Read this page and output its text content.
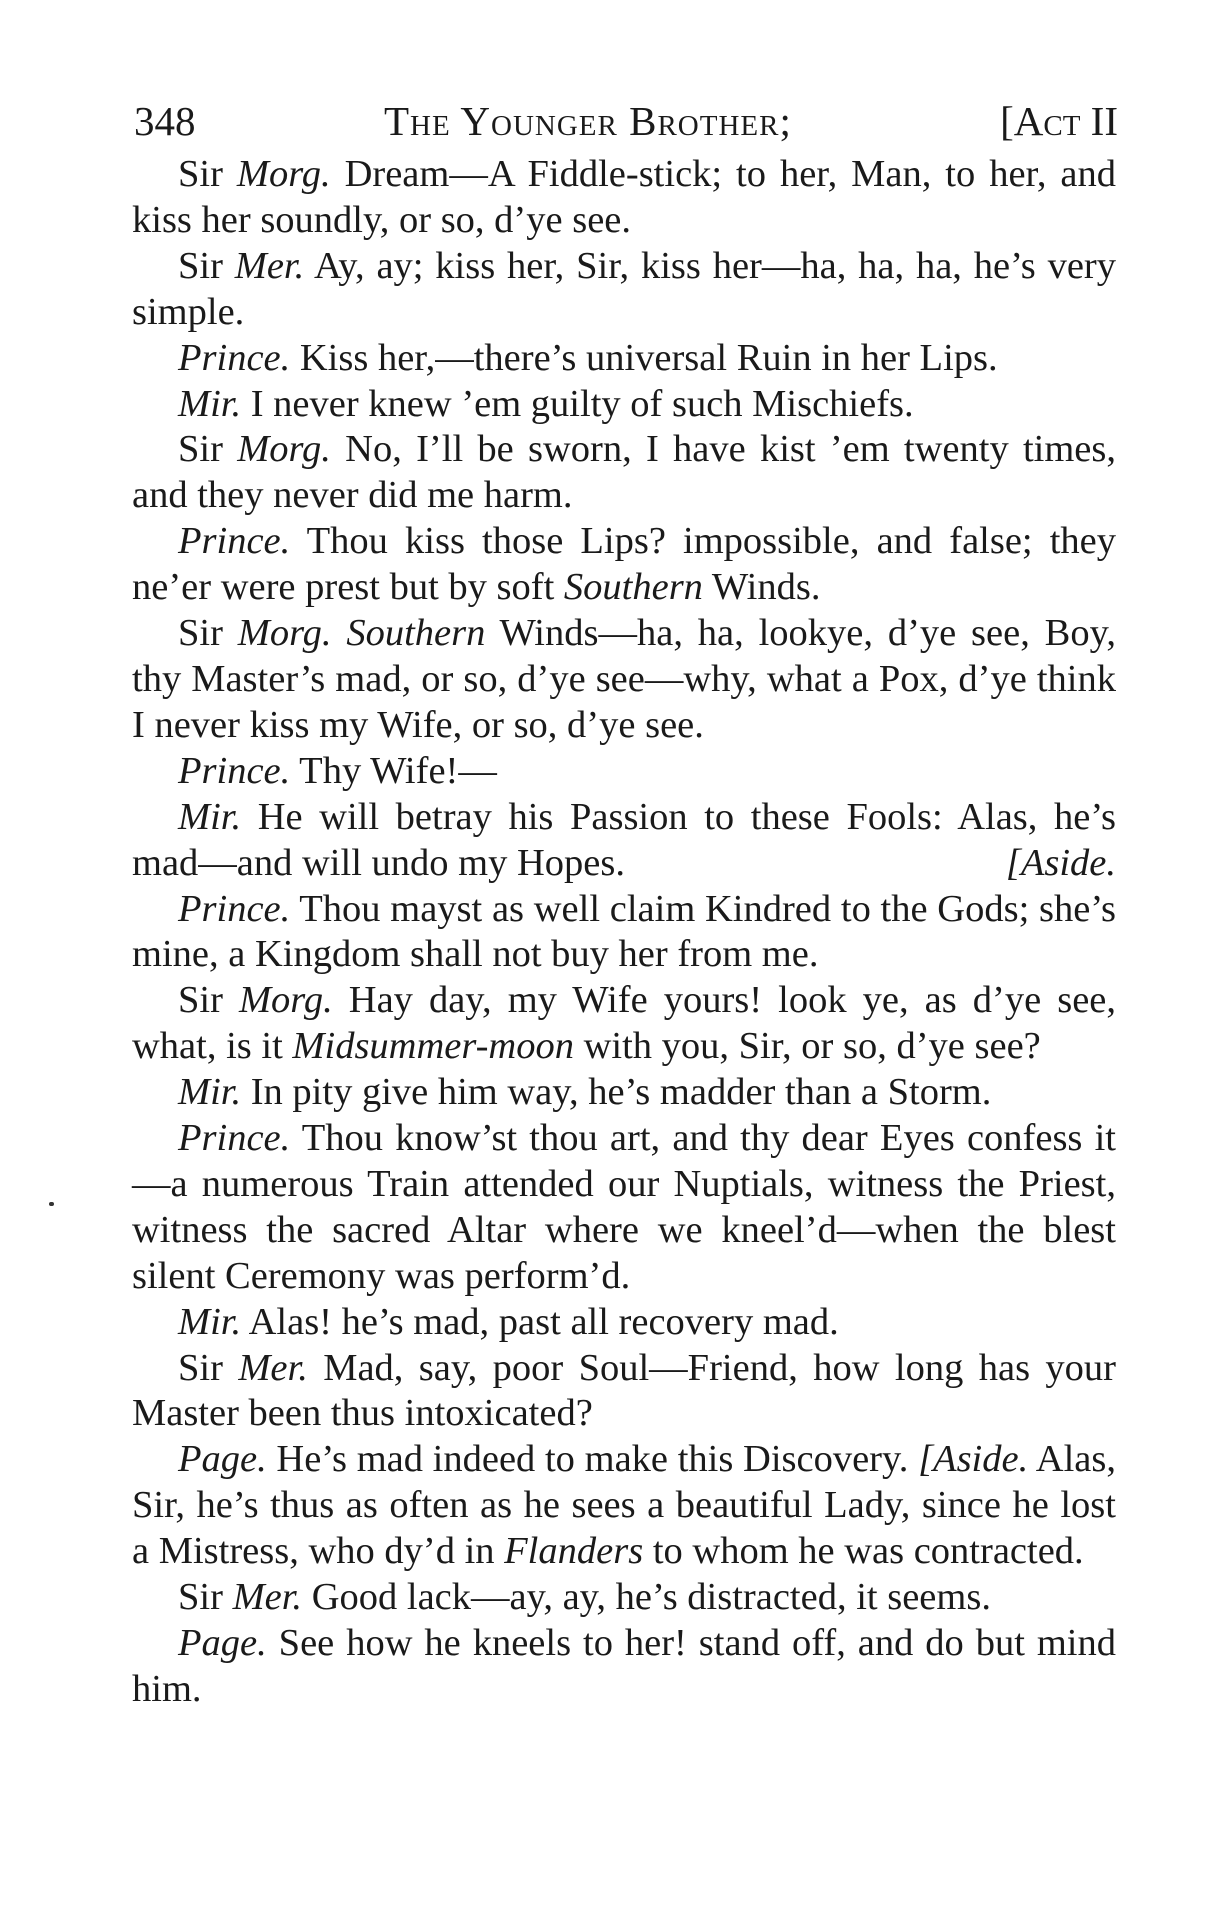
348	The Younger Brother;	[Act II

Sir Morg. Dream—A Fiddle-stick; to her, Man, to her, and kiss her soundly, or so, d’ye see.

Sir Mer. Ay, ay; kiss her, Sir, kiss her—ha, ha, ha, he’s very simple.

Prince. Kiss her,—there’s universal Ruin in her Lips.

Mir. I never knew ’em guilty of such Mischiefs.

Sir Morg. No, I’ll be sworn, I have kist ’em twenty times, and they never did me harm.

Prince. Thou kiss those Lips? impossible, and false; they ne’er were prest but by soft Southern Winds.

Sir Morg. Southern Winds—ha, ha, lookye, d’ye see, Boy, thy Master’s mad, or so, d’ye see—why, what a Pox, d’ye think I never kiss my Wife, or so, d’ye see.

Prince. Thy Wife!—

Mir. He will betray his Passion to these Fools: Alas, he’s mad—and will undo my Hopes.	[Aside.

Prince. Thou mayst as well claim Kindred to the Gods; she’s mine, a Kingdom shall not buy her from me.

Sir Morg. Hay day, my Wife yours! look ye, as d’ye see, what, is it Midsummer-moon with you, Sir, or so, d’ye see?

Mir. In pity give him way, he’s madder than a Storm.

Prince. Thou know’st thou art, and thy dear Eyes confess it—a numerous Train attended our Nuptials, witness the Priest, witness the sacred Altar where we kneel’d—when the blest silent Ceremony was perform’d.

Mir. Alas! he’s mad, past all recovery mad.

Sir Mer. Mad, say, poor Soul—Friend, how long has your Master been thus intoxicated?

Page. He’s mad indeed to make this Discovery. [Aside. Alas, Sir, he’s thus as often as he sees a beautiful Lady, since he lost a Mistress, who dy’d in Flanders to whom he was contracted.

Sir Mer. Good lack—ay, ay, he’s distracted, it seems.

Page. See how he kneels to her! stand off, and do but mind him.
